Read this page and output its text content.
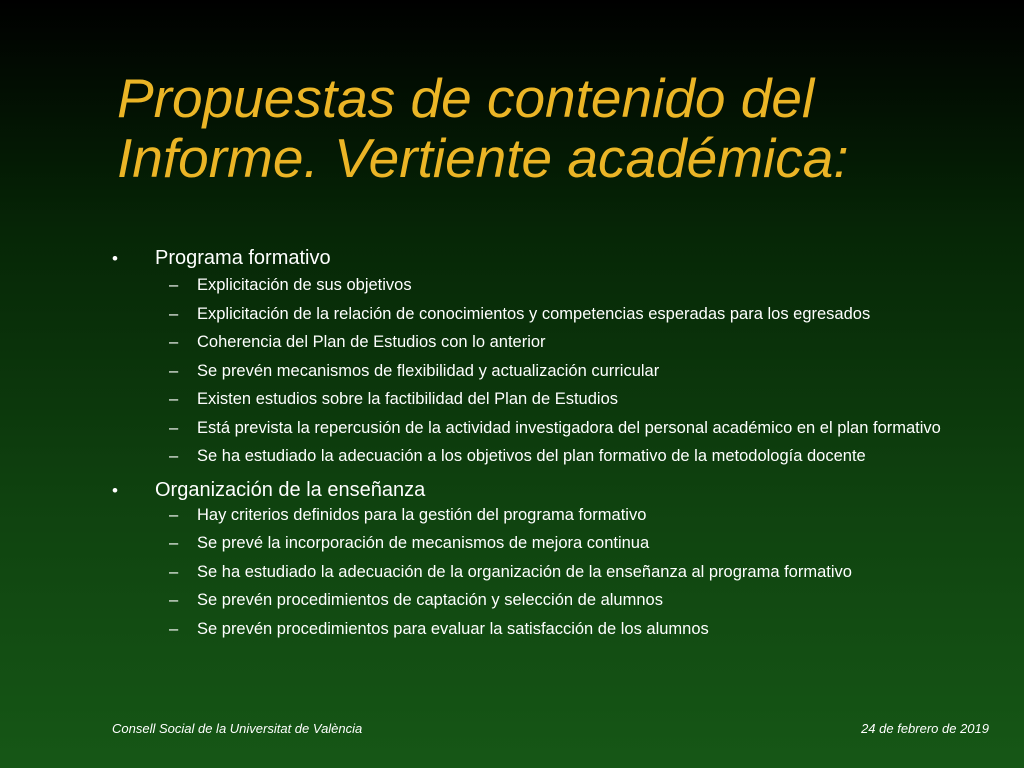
Propuestas de contenido del Informe. Vertiente académica:
•	Programa formativo
–	Explicitación de sus objetivos
–	Explicitación de la relación de conocimientos y competencias esperadas para los egresados
–	Coherencia del Plan de Estudios con lo anterior
–	Se prevén mecanismos de flexibilidad y actualización curricular
–	Existen estudios sobre la factibilidad del Plan de Estudios
–	Está prevista la repercusión de la actividad investigadora del personal académico en el plan formativo
–	Se ha estudiado la adecuación a los objetivos del plan formativo de la metodología docente
•	Organización de la enseñanza
–	Hay criterios definidos para la gestión del programa formativo
–	Se prevé la incorporación de mecanismos de mejora continua
–	Se ha estudiado la adecuación de la organización de la enseñanza al programa formativo
–	Se prevén procedimientos de captación y selección de alumnos
–	Se prevén procedimientos para evaluar la satisfacción de los alumnos
Consell Social de la Universitat de València	24 de febrero de 2019
